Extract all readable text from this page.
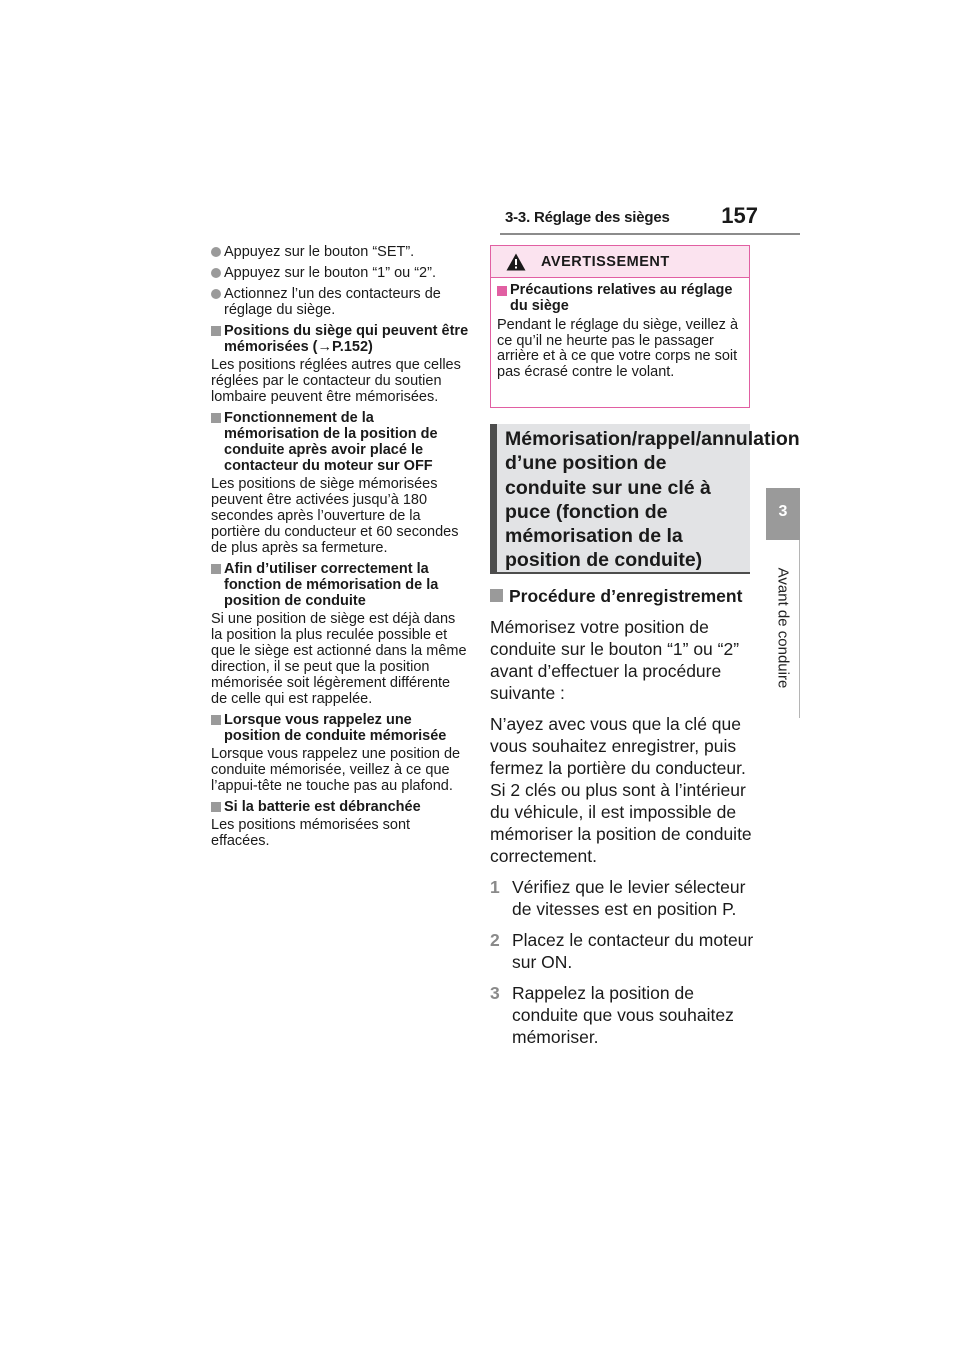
3-3. Réglage des sièges 157
3
Avant de conduire
Appuyez sur le bouton “SET”.
Appuyez sur le bouton “1” ou “2”.
Actionnez l’un des contacteurs de réglage du siège.
Positions du siège qui peuvent être mémorisées (→P.152)
Les positions réglées autres que celles réglées par le contacteur du soutien lombaire peuvent être mémorisées.
Fonctionnement de la mémorisation de la position de conduite après avoir placé le contacteur du moteur sur OFF
Les positions de siège mémorisées peuvent être activées jusqu’à 180 secondes après l’ouverture de la portière du conducteur et 60 secondes de plus après sa fermeture.
Afin d’utiliser correctement la fonction de mémorisation de la position de conduite
Si une position de siège est déjà dans la position la plus reculée possible et que le siège est actionné dans la même direction, il se peut que la position mémorisée soit légèrement différente de celle qui est rappelée.
Lorsque vous rappelez une position de conduite mémorisée
Lorsque vous rappelez une position de conduite mémorisée, veillez à ce que l’appui-tête ne touche pas au plafond.
Si la batterie est débranchée
Les positions mémorisées sont effacées.
AVERTISSEMENT
Précautions relatives au réglage du siège
Pendant le réglage du siège, veillez à ce qu’il ne heurte pas le passager arrière et à ce que votre corps ne soit pas écrasé contre le volant.
Mémorisation/rappel/annulation d’une position de conduite sur une clé à puce (fonction de mémorisation de la position de conduite)
Procédure d’enregistrement
Mémorisez votre position de conduite sur le bouton “1” ou “2” avant d’effectuer la procédure suivante :
N’ayez avec vous que la clé que vous souhaitez enregistrer, puis fermez la portière du conducteur.
Si 2 clés ou plus sont à l’intérieur du véhicule, il est impossible de mémoriser la position de conduite correctement.
1 Vérifiez que le levier sélecteur de vitesses est en position P.
2 Placez le contacteur du moteur sur ON.
3 Rappelez la position de conduite que vous souhaitez mémoriser.
